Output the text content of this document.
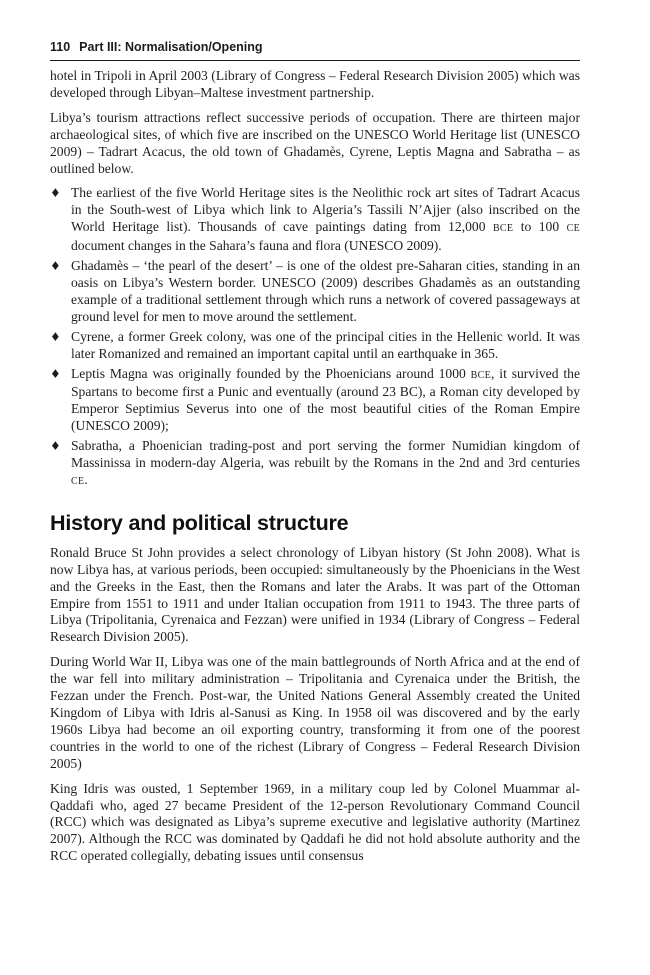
110 Part III: Normalisation/Opening

hotel in Tripoli in April 2003 (Library of Congress – Federal Research Division 2005) which was developed through Libyan–Maltese investment partnership.

Libya’s tourism attractions reflect successive periods of occupation. There are thirteen major archaeological sites, of which five are inscribed on the UNESCO World Heritage list (UNESCO 2009) – Tadrart Acacus, the old town of Ghadamès, Cyrene, Leptis Magna and Sabratha – as outlined below.

♦ The earliest of the five World Heritage sites is the Neolithic rock art sites of Tadrart Acacus in the South-west of Libya which link to Algeria’s Tassili N’Ajjer (also inscribed on the World Heritage list). Thousands of cave paintings dating from 12,000 BCE to 100 CE document changes in the Sahara’s fauna and flora (UNESCO 2009).
♦ Ghadamès – ‘the pearl of the desert’ – is one of the oldest pre-Saharan cities, standing in an oasis on Libya’s Western border. UNESCO (2009) describes Ghadamès as an outstanding example of a traditional settlement through which runs a network of covered passageways at ground level for men to move around the settlement.
♦ Cyrene, a former Greek colony, was one of the principal cities in the Hellenic world. It was later Romanized and remained an important capital until an earthquake in 365.
♦ Leptis Magna was originally founded by the Phoenicians around 1000 BCE, it survived the Spartans to become first a Punic and eventually (around 23 BC), a Roman city developed by Emperor Septimius Severus into one of the most beautiful cities of the Roman Empire (UNESCO 2009);
♦ Sabratha, a Phoenician trading-post and port serving the former Numidian kingdom of Massinissa in modern-day Algeria, was rebuilt by the Romans in the 2nd and 3rd centuries CE.
History and political structure

Ronald Bruce St John provides a select chronology of Libyan history (St John 2008). What is now Libya has, at various periods, been occupied: simultaneously by the Phoenicians in the West and the Greeks in the East, then the Romans and later the Arabs. It was part of the Ottoman Empire from 1551 to 1911 and under Italian occupation from 1911 to 1943. The three parts of Libya (Tripolitania, Cyrenaica and Fezzan) were unified in 1934 (Library of Congress – Federal Research Division 2005).

During World War II, Libya was one of the main battlegrounds of North Africa and at the end of the war fell into military administration – Tripolitania and Cyrenaica under the British, the Fezzan under the French. Post-war, the United Nations General Assembly created the United Kingdom of Libya with Idris al-Sanusi as King. In 1958 oil was discovered and by the early 1960s Libya had become an oil exporting country, transforming it from one of the poorest countries in the world to one of the richest (Library of Congress – Federal Research Division 2005)

King Idris was ousted, 1 September 1969, in a military coup led by Colonel Muammar al-Qaddafi who, aged 27 became President of the 12-person Revolutionary Command Council (RCC) which was designated as Libya’s supreme executive and legislative authority (Martinez 2007). Although the RCC was dominated by Qaddafi he did not hold absolute authority and the RCC operated collegially, debating issues until consensus
